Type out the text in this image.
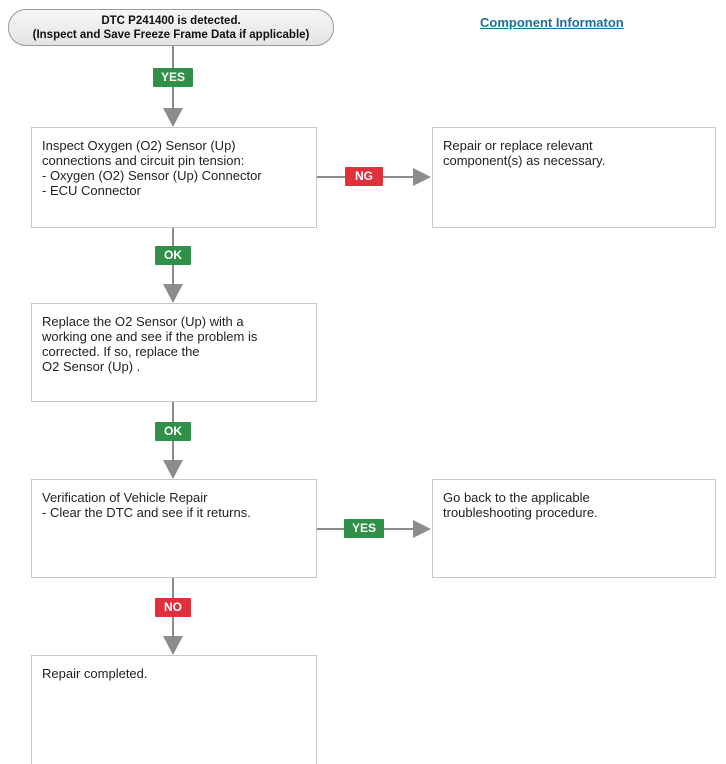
DTC P241400 is detected.
(Inspect and Save Freeze Frame Data if applicable)
Component Informaton
Inspect Oxygen (O2) Sensor (Up)
connections and circuit pin tension:
- Oxygen (O2) Sensor (Up) Connector
- ECU Connector
Repair or replace relevant
component(s) as necessary.
Replace the O2 Sensor (Up) with a
working one and see if the problem is
corrected. If so, replace the
O2 Sensor (Up) .
Verification of Vehicle Repair
- Clear the DTC and see if it returns.
Go back to the applicable
troubleshooting procedure.
Repair completed.
YES
NG
OK
OK
YES
NO
